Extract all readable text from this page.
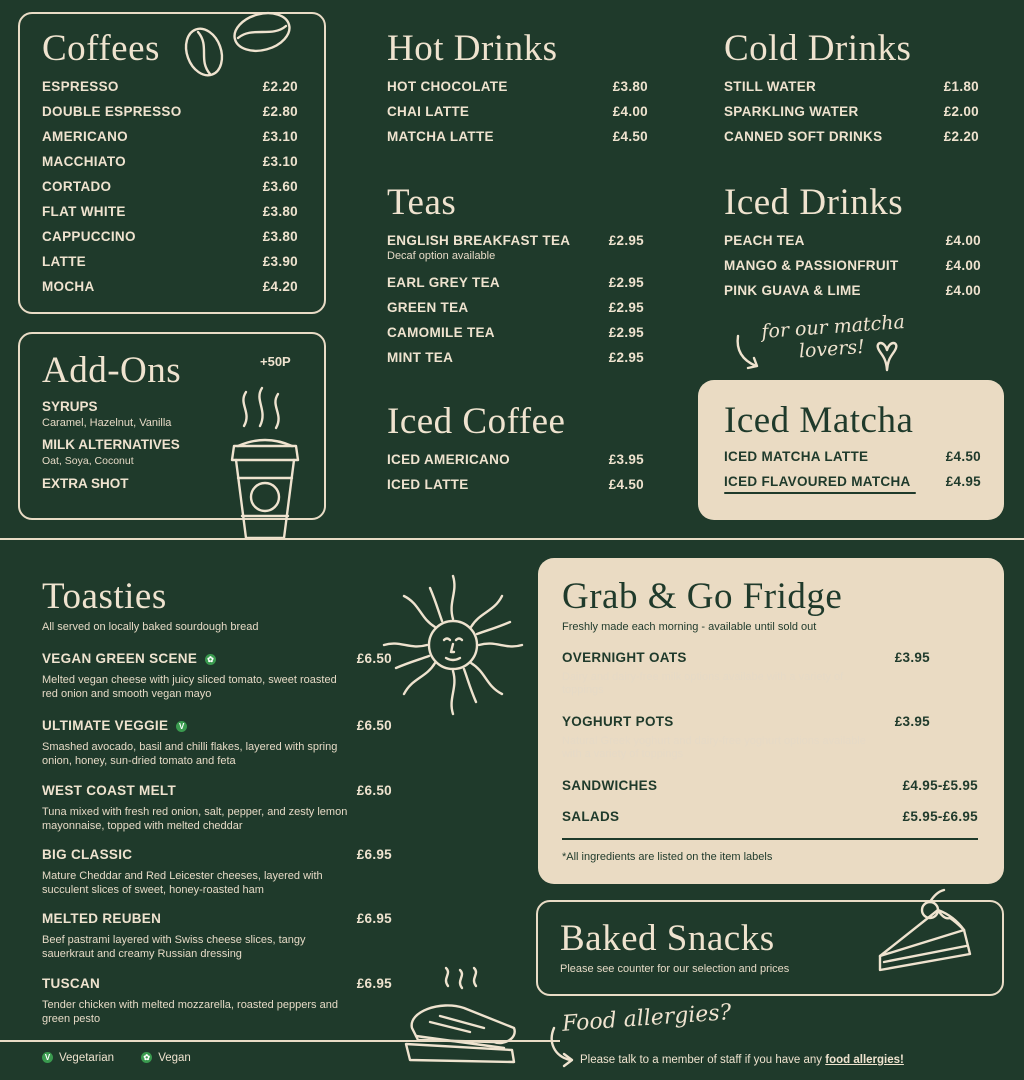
Coffees
ESPRESSO	£2.20
DOUBLE ESPRESSO	£2.80
AMERICANO	£3.10
MACCHIATO	£3.10
CORTADO	£3.60
FLAT WHITE	£3.80
CAPPUCCINO	£3.80
LATTE	£3.90
MOCHA	£4.20
Add-Ons	+50P
SYRUPS
Caramel, Hazelnut, Vanilla
MILK ALTERNATIVES
Oat, Soya, Coconut
EXTRA SHOT
Hot Drinks
HOT CHOCOLATE	£3.80
CHAI LATTE	£4.00
MATCHA LATTE	£4.50
Teas
ENGLISH BREAKFAST TEA	£2.95
Decaf option available
EARL GREY TEA	£2.95
GREEN TEA	£2.95
CAMOMILE TEA	£2.95
MINT TEA	£2.95
Iced Coffee
ICED AMERICANO	£3.95
ICED LATTE	£4.50
Cold Drinks
STILL WATER	£1.80
SPARKLING WATER	£2.00
CANNED SOFT DRINKS	£2.20
Iced Drinks
PEACH TEA	£4.00
MANGO & PASSIONFRUIT	£4.00
PINK GUAVA & LIME	£4.00
for our matcha
lovers!
Iced Matcha
ICED MATCHA LATTE	£4.50
ICED FLAVOURED MATCHA	£4.95
Toasties
All served on locally baked sourdough bread
VEGAN GREEN SCENE ✿	£6.50
Melted vegan cheese with juicy sliced tomato, sweet roasted red onion and smooth vegan mayo
ULTIMATE VEGGIE V	£6.50
Smashed avocado, basil and chilli flakes, layered with spring onion, honey, sun-dried tomato and feta
WEST COAST MELT	£6.50
Tuna mixed with fresh red onion, salt, pepper, and zesty lemon mayonnaise, topped with melted cheddar
BIG CLASSIC	£6.95
Mature Cheddar and Red Leicester cheeses, layered with succulent slices of sweet, honey-roasted ham
MELTED REUBEN	£6.95
Beef pastrami layered with Swiss cheese slices, tangy sauerkraut and creamy Russian dressing
TUSCAN	£6.95
Tender chicken with melted mozzarella, roasted peppers and green pesto
Grab & Go Fridge
Freshly made each morning - available until sold out
OVERNIGHT OATS	£3.95
Dairy and dairy-free milk options availabe with a variety of toppings
YOGHURT POTS	£3.95
Natural Greek yoghurt and dairy-free yoghurt options available with a variety of toppings
SANDWICHES	£4.95-£5.95
SALADS	£5.95-£6.95
*All ingredients are listed on the item labels
Baked Snacks
Please see counter for our selection and prices
Food allergies?
Please talk to a member of staff if you have any food allergies!
V Vegetarian	✿ Vegan
